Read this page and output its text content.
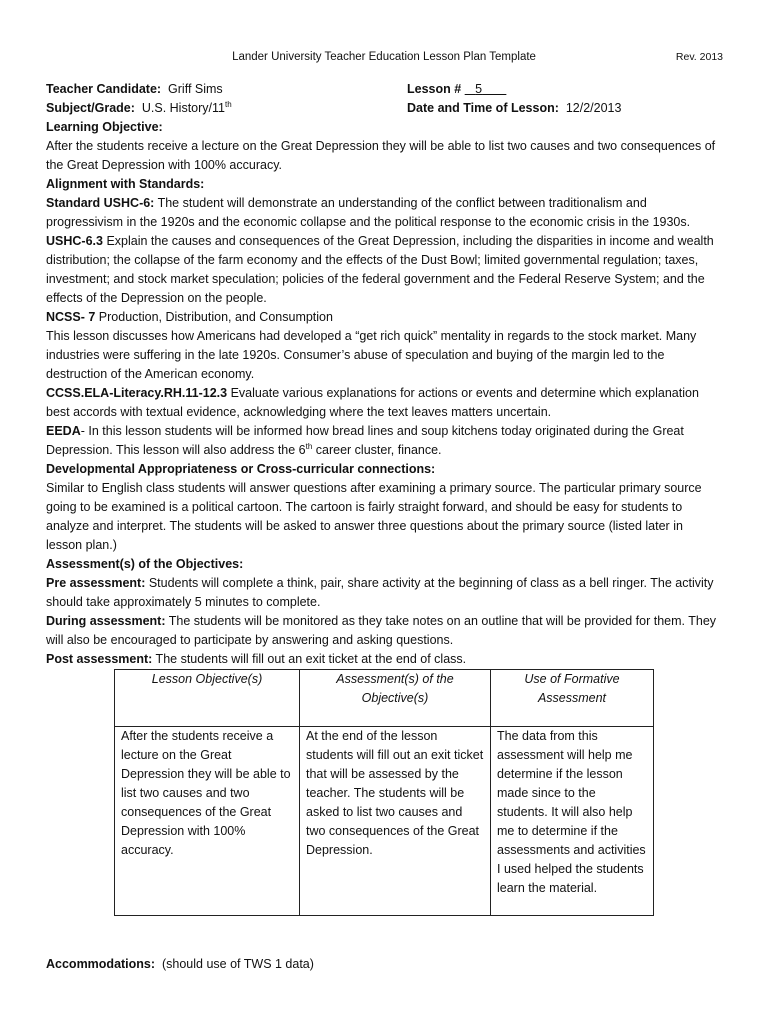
Lander University Teacher Education Lesson Plan Template	Rev. 2013
Teacher Candidate: Griff Sims	Lesson # 5
Subject/Grade: U.S. History/11th	Date and Time of Lesson: 12/2/2013

Learning Objective:

After the students receive a lecture on the Great Depression they will be able to list two causes and two consequences of the Great Depression with 100% accuracy.

Alignment with Standards:

Standard USHC-6: The student will demonstrate an understanding of the conflict between traditionalism and progressivism in the 1920s and the economic collapse and the political response to the economic crisis in the 1930s.

USHC-6.3 Explain the causes and consequences of the Great Depression, including the disparities in income and wealth distribution; the collapse of the farm economy and the effects of the Dust Bowl; limited governmental regulation; taxes, investment; and stock market speculation; policies of the federal government and the Federal Reserve System; and the effects of the Depression on the people.

NCSS- 7 Production, Distribution, and Consumption

This lesson discusses how Americans had developed a “get rich quick” mentality in regards to the stock market. Many industries were suffering in the late 1920s. Consumer’s abuse of speculation and buying of the margin led to the destruction of the American economy.

CCSS.ELA-Literacy.RH.11-12.3 Evaluate various explanations for actions or events and determine which explanation best accords with textual evidence, acknowledging where the text leaves matters uncertain.

EEDA- In this lesson students will be informed how bread lines and soup kitchens today originated during the Great Depression. This lesson will also address the 6th career cluster, finance.

Developmental Appropriateness or Cross-curricular connections:

Similar to English class students will answer questions after examining a primary source. The particular primary source going to be examined is a political cartoon. The cartoon is fairly straight forward, and should be easy for students to analyze and interpret. The students will be asked to answer three questions about the primary source (listed later in lesson plan.)

Assessment(s) of the Objectives:

Pre assessment: Students will complete a think, pair, share activity at the beginning of class as a bell ringer. The activity should take approximately 5 minutes to complete.

During assessment: The students will be monitored as they take notes on an outline that will be provided for them. They will also be encouraged to participate by answering and asking questions.

Post assessment: The students will fill out an exit ticket at the end of class.

Lesson Objective(s)	Assessment(s) of the Objective(s)	Use of Formative Assessment
After the students receive a lecture on the Great Depression they will be able to list two causes and two consequences of the Great Depression with 100% accuracy.	At the end of the lesson students will fill out an exit ticket that will be assessed by the teacher. The students will be asked to list two causes and two consequences of the Great Depression.	The data from this assessment will help me determine if the lesson made since to the students. It will also help me to determine if the assessments and activities I used helped the students learn the material.
Accommodations:  (should use of TWS 1 data)
